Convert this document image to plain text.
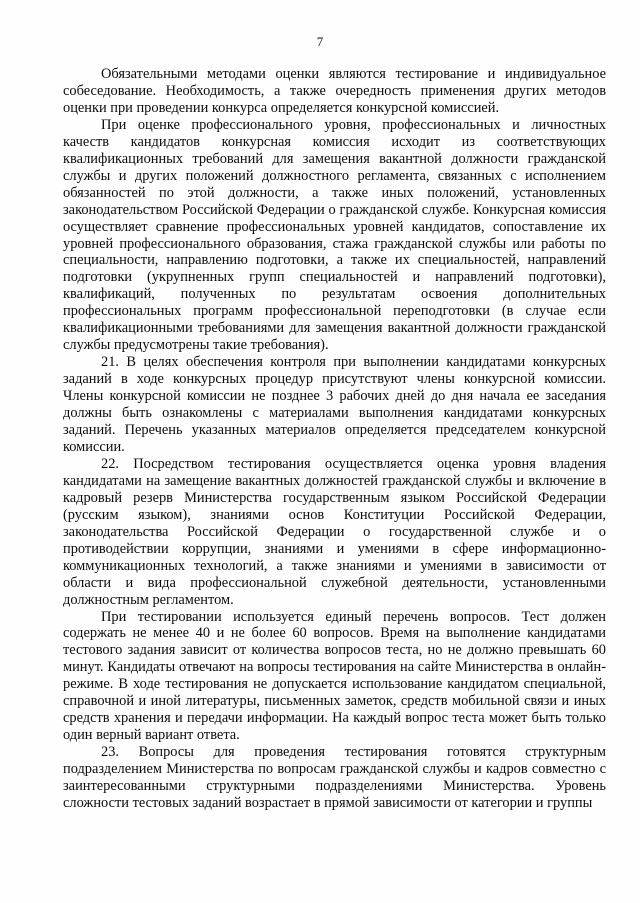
7

Обязательными методами оценки являются тестирование и индивидуальное собеседование. Необходимость, а также очередность применения других методов оценки при проведении конкурса определяется конкурсной комиссией.

При оценке профессионального уровня, профессиональных и личностных качеств кандидатов конкурсная комиссия исходит из соответствующих квалификационных требований для замещения вакантной должности гражданской службы и других положений должностного регламента, связанных с исполнением обязанностей по этой должности, а также иных положений, установленных законодательством Российской Федерации о гражданской службе. Конкурсная комиссия осуществляет сравнение профессиональных уровней кандидатов, сопоставление их уровней профессионального образования, стажа гражданской службы или работы по специальности, направлению подготовки, а также их специальностей, направлений подготовки (укрупненных групп специальностей и направлений подготовки), квалификаций, полученных по результатам освоения дополнительных профессиональных программ профессиональной переподготовки (в случае если квалификационными требованиями для замещения вакантной должности гражданской службы предусмотрены такие требования).

21. В целях обеспечения контроля при выполнении кандидатами конкурсных заданий в ходе конкурсных процедур присутствуют члены конкурсной комиссии. Члены конкурсной комиссии не позднее 3 рабочих дней до дня начала ее заседания должны быть ознакомлены с материалами выполнения кандидатами конкурсных заданий. Перечень указанных материалов определяется председателем конкурсной комиссии.

22. Посредством тестирования осуществляется оценка уровня владения кандидатами на замещение вакантных должностей гражданской службы и включение в кадровый резерв Министерства государственным языком Российской Федерации (русским языком), знаниями основ Конституции Российской Федерации, законодательства Российской Федерации о государственной службе и о противодействии коррупции, знаниями и умениями в сфере информационно-коммуникационных технологий, а также знаниями и умениями в зависимости от области и вида профессиональной служебной деятельности, установленными должностным регламентом.

При тестировании используется единый перечень вопросов. Тест должен содержать не менее 40 и не более 60 вопросов. Время на выполнение кандидатами тестового задания зависит от количества вопросов теста, но не должно превышать 60 минут. Кандидаты отвечают на вопросы тестирования на сайте Министерства в онлайн-режиме. В ходе тестирования не допускается использование кандидатом специальной, справочной и иной литературы, письменных заметок, средств мобильной связи и иных средств хранения и передачи информации. На каждый вопрос теста может быть только один верный вариант ответа.

23. Вопросы для проведения тестирования готовятся структурным подразделением Министерства по вопросам гражданской службы и кадров совместно с заинтересованными структурными подразделениями Министерства. Уровень сложности тестовых заданий возрастает в прямой зависимости от категории и группы
